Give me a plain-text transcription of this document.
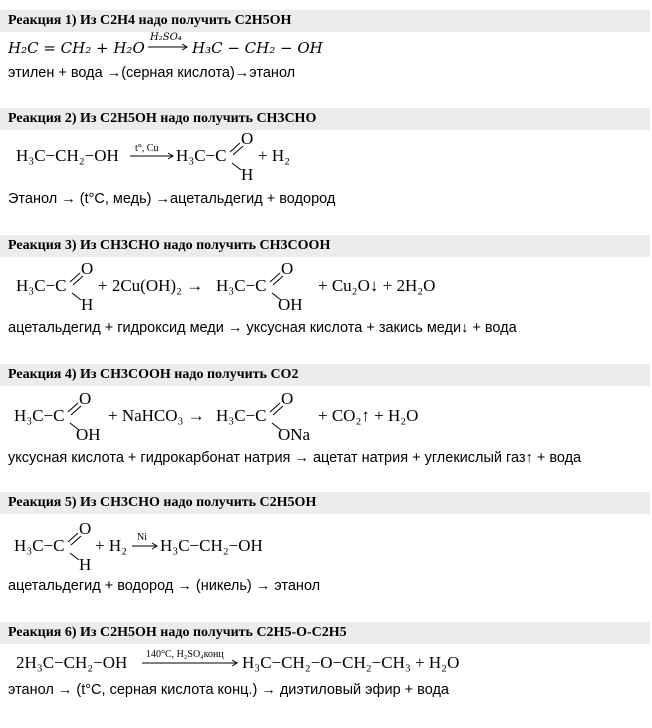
Реакция 1) Из С2Н4 надо получить С2Н5ОН
H₂C = CH₂ + H₂O
H₂SO₄
H₃C − CH₂ − OH
этилен + вода →(серная кислота)→этанол
Реакция 2) Из С2Н5ОН надо получить СН3СНО
H₃C−CH₂−OH t°, Cu H₃C−C
O
H
+ H₂
Этанол → (t°C, медь) →ацетальдегид + водород
Реакция 3) Из СН3СНО надо получить СН3СООН
H₃C−C
O
H
+ 2Cu(OH)₂ → H₃C−C
O
OH
+ Cu₂O↓ + 2H₂O
ацетальдегид + гидроксид меди → уксусная кислота + закись меди↓ + вода
Реакция 4) Из СН3СООН надо получить СО2
H₃C−C
O
OH
+ NaHCO₃ → H₃C−C
O
ONa
+ CO₂↑ + H₂O
уксусная кислота + гидрокарбонат натрия → ацетат натрия + углекислый газ↑ + вода
Реакция 5) Из СН3СНО надо получить С2Н5ОН
H₃C−C
O
H
+ H₂ Ni H₃C−CH₂−OH
ацетальдегид + водород → (никель) → этанол
Реакция 6) Из С2Н5ОН надо получить С2Н5-О-С2Н5
2H₃C−CH₂−OH 140°C, H₂SO₄конц H₃C−CH₂−O−CH₂−CH₃ + H₂O
этанол → (t°C, серная кислота конц.) → диэтиловый эфир + вода
